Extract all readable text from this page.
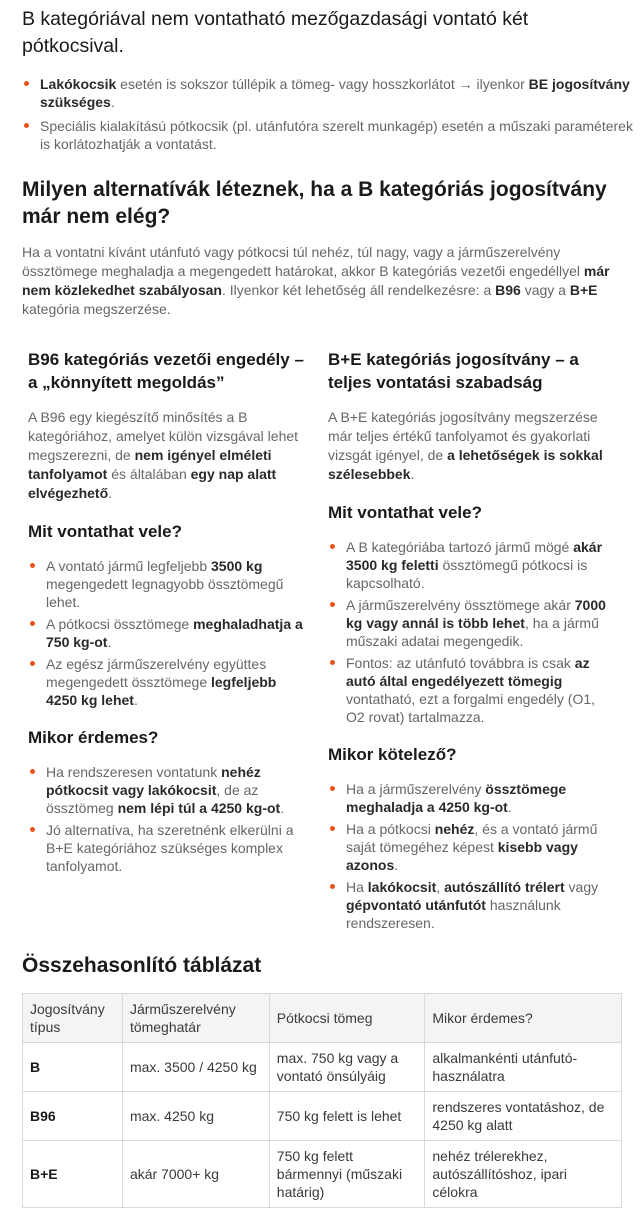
B kategóriával nem vontatható mezőgazdasági vontató két pótkocsival.
Lakókocsik esetén is sokszor túllépik a tömeg- vagy hosszkorlátot → ilyenkor BE jogosítvány szükséges.
Speciális kialakítású pótkocsik (pl. utánfutóra szerelt munkagép) esetén a műszaki paraméterek is korlátozhatják a vontatást.
Milyen alternatívák léteznek, ha a B kategóriás jogosítvány már nem elég?

Ha a vontatni kívánt utánfutó vagy pótkocsi túl nehéz, túl nagy, vagy a járműszerelvény össztömege meghaladja a megengedett határokat, akkor B kategóriás vezetői engedéllyel már nem közlekedhet szabályosan. Ilyenkor két lehetőség áll rendelkezésre: a B96 vagy a B+E kategória megszerzése.

B96 kategóriás vezetői engedély – a „könnyített megoldás”

A B96 egy kiegészítő minősítés a B kategóriához, amelyet külön vizsgával lehet megszerezni, de nem igényel elméleti tanfolyamot és általában egy nap alatt elvégezhető.

Mit vontathat vele?
A vontató jármű legfeljebb 3500 kg megengedett legnagyobb össztömegű lehet.
A pótkocsi össztömege meghaladhatja a 750 kg-ot.
Az egész járműszerelvény együttes megengedett össztömege legfeljebb 4250 kg lehet.
Mikor érdemes?
Ha rendszeresen vontatunk nehéz pótkocsit vagy lakókocsit, de az össztömeg nem lépi túl a 4250 kg-ot.
Jó alternatíva, ha szeretnénk elkerülni a B+E kategóriához szükséges komplex tanfolyamot.
B+E kategóriás jogosítvány – a teljes vontatási szabadság

A B+E kategóriás jogosítvány megszerzése már teljes értékű tanfolyamot és gyakorlati vizsgát igényel, de a lehetőségek is sokkal szélesebbek.

Mit vontathat vele?
A B kategóriába tartozó jármű mögé akár 3500 kg feletti össztömegű pótkocsi is kapcsolható.
A járműszerelvény össztömege akár 7000 kg vagy annál is több lehet, ha a jármű műszaki adatai megengedik.
Fontos: az utánfutó továbbra is csak az autó által engedélyezett tömegig vontatható, ezt a forgalmi engedély (O1, O2 rovat) tartalmazza.
Mikor kötelező?
Ha a járműszerelvény össztömege meghaladja a 4250 kg-ot.
Ha a pótkocsi nehéz, és a vontató jármű saját tömegéhez képest kisebb vagy azonos.
Ha lakókocsit, autószállító trélert vagy gépvontató utánfutót használunk rendszeresen.
Összehasonlító táblázat
Jogosítvány típus	Járműszerelvény tömeghatár	Pótkocsi tömeg	Mikor érdemes?
B	max. 3500 / 4250 kg	max. 750 kg vagy a vontató önsúlyáig	alkalmankénti utánfutó-használatra
B96	max. 4250 kg	750 kg felett is lehet	rendszeres vontatáshoz, de 4250 kg alatt
B+E	akár 7000+ kg	750 kg felett bármennyi (műszaki határig)	nehéz trélerekhez, autószállítóshoz, ipari célokra
